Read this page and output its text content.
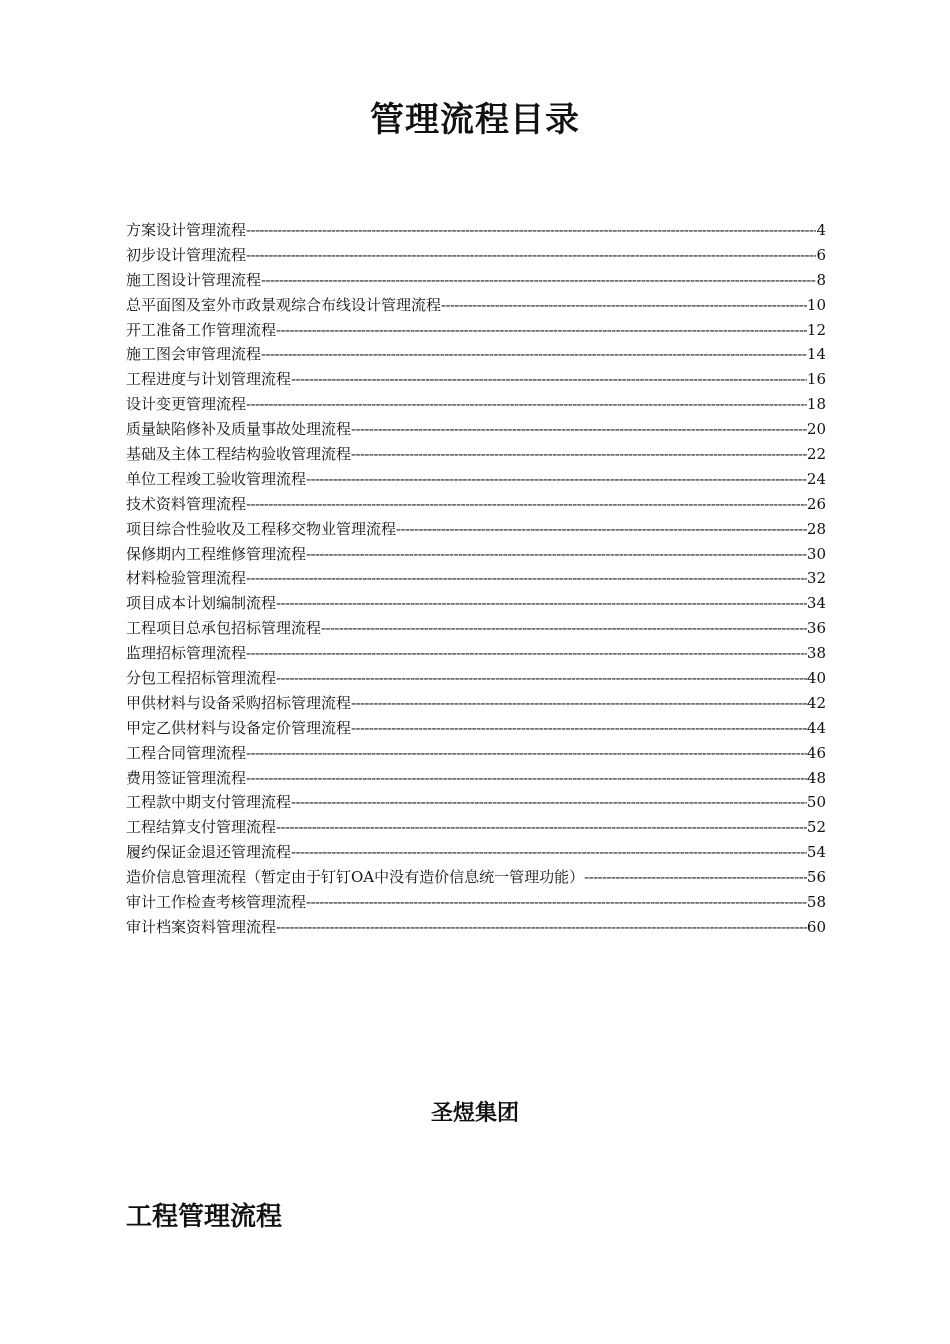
管理流程目录
方案设计管理流程 -----	4
初步设计管理流程 -----	6
施工图设计管理流程 -----	8
总平面图及室外市政景观综合布线设计管理流程 -----	10
开工准备工作管理流程 -----	12
施工图会审管理流程 -----	14
工程进度与计划管理流程 -----	16
设计变更管理流程 -----	18
质量缺陷修补及质量事故处理流程 -----	20
基础及主体工程结构验收管理流程 -----	22
单位工程竣工验收管理流程 -----	24
技术资料管理流程 -----	26
项目综合性验收及工程移交物业管理流程 -----	28
保修期内工程维修管理流程 -----	30
材料检验管理流程 -----	32
项目成本计划编制流程 -----	34
工程项目总承包招标管理流程 -----	36
监理招标管理流程 -----	38
分包工程招标管理流程 -----	40
甲供材料与设备采购招标管理流程 -----	42
甲定乙供材料与设备定价管理流程 -----	44
工程合同管理流程 -----	46
费用签证管理流程 -----	48
工程款中期支付管理流程 -----	50
工程结算支付管理流程 -----	52
履约保证金退还管理流程 -----	54
造价信息管理流程（暂定由于钉钉OA中没有造价信息统一管理功能） -----	56
审计工作检查考核管理流程 -----	58
审计档案资料管理流程 -----	60
圣煜集团
工程管理流程
